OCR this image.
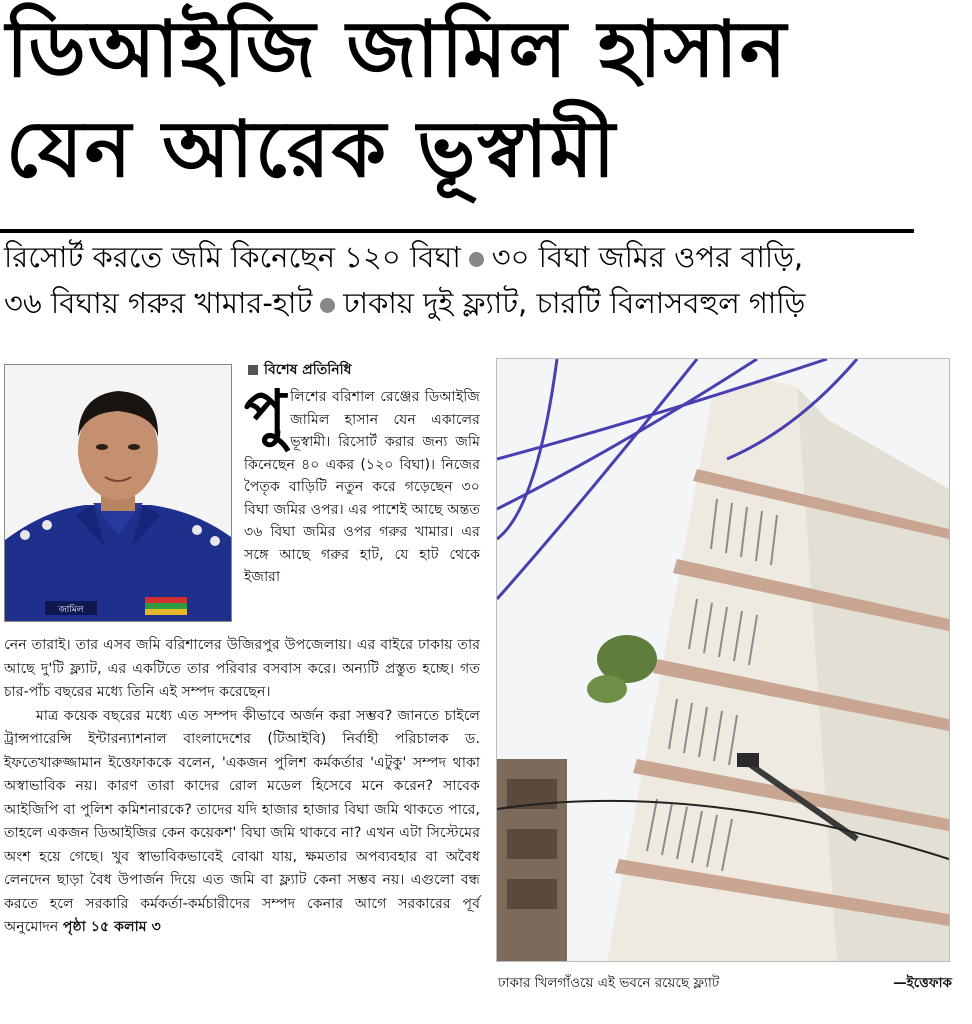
ডিআইজি জামিল হাসান
যেন আরেক ভূস্বামী
রিসোর্ট করতে জমি কিনেছেন ১২০ বিঘা ৩০ বিঘা জমির ওপর বাড়ি,
৩৬ বিঘায় গরুর খামার-হাট ঢাকায় দুই ফ্ল্যাট, চারটি বিলাসবহুল গাড়ি
জামিল
বিশেষ প্রতিনিধি
পু লিশের বরিশাল রেঞ্জের ডিআইজি জামিল হাসান যেন একালের ভূস্বামী। রিসোর্ট করার জন্য জমি কিনেছেন ৪০ একর (১২০ বিঘা)। নিজের পৈতৃক বাড়িটি নতুন করে গড়েছেন ৩০ বিঘা জমির ওপর। এর পাশেই আছে অন্তত ৩৬ বিঘা জমির ওপর গরুর খামার। এর সঙ্গে আছে গরুর হাট, যে হাট থেকে ইজারা

নেন তারাই। তার এসব জমি বরিশালের উজিরপুর উপজেলায়। এর বাইরে ঢাকায় তার আছে দু'টি ফ্ল্যাট, এর একটিতে তার পরিবার বসবাস করে। অন্যটি প্রস্তুত হচ্ছে। গত চার-পাঁচ বছরের মধ্যে তিনি এই সম্পদ করেছেন।

মাত্র কয়েক বছরের মধ্যে এত সম্পদ কীভাবে অর্জন করা সম্ভব? জানতে চাইলে ট্রান্সপারেন্সি ইন্টারন্যাশনাল বাংলাদেশের (টিআইবি) নির্বাহী পরিচালক ড. ইফতেখারুজ্জামান ইত্তেফাককে বলেন, 'একজন পুলিশ কর্মকর্তার 'এটুকু' সম্পদ থাকা অস্বাভাবিক নয়। কারণ তারা কাদের রোল মডেল হিসেবে মনে করেন? সাবেক আইজিপি বা পুলিশ কমিশনারকে? তাদের যদি হাজার হাজার বিঘা জমি থাকতে পারে, তাহলে একজন ডিআইজির কেন কয়েকশ' বিঘা জমি থাকবে না? এখন এটা সিস্টেমের অংশ হয়ে গেছে। খুব স্বাভাবিকভাবেই বোঝা যায়, ক্ষমতার অপব্যবহার বা অবৈধ লেনদেন ছাড়া বৈধ উপার্জন দিয়ে এত জমি বা ফ্ল্যাট কেনা সম্ভব নয়। এগুলো বন্ধ করতে হলে সরকারি কর্মকর্তা-কর্মচারীদের সম্পদ কেনার আগে সরকারের পূর্ব অনুমোদন পৃষ্ঠা ১৫ কলাম ৩

ঢাকার খিলগাঁওয়ে এই ভবনে রয়েছে ফ্ল্যাট	—ইত্তেফাক
